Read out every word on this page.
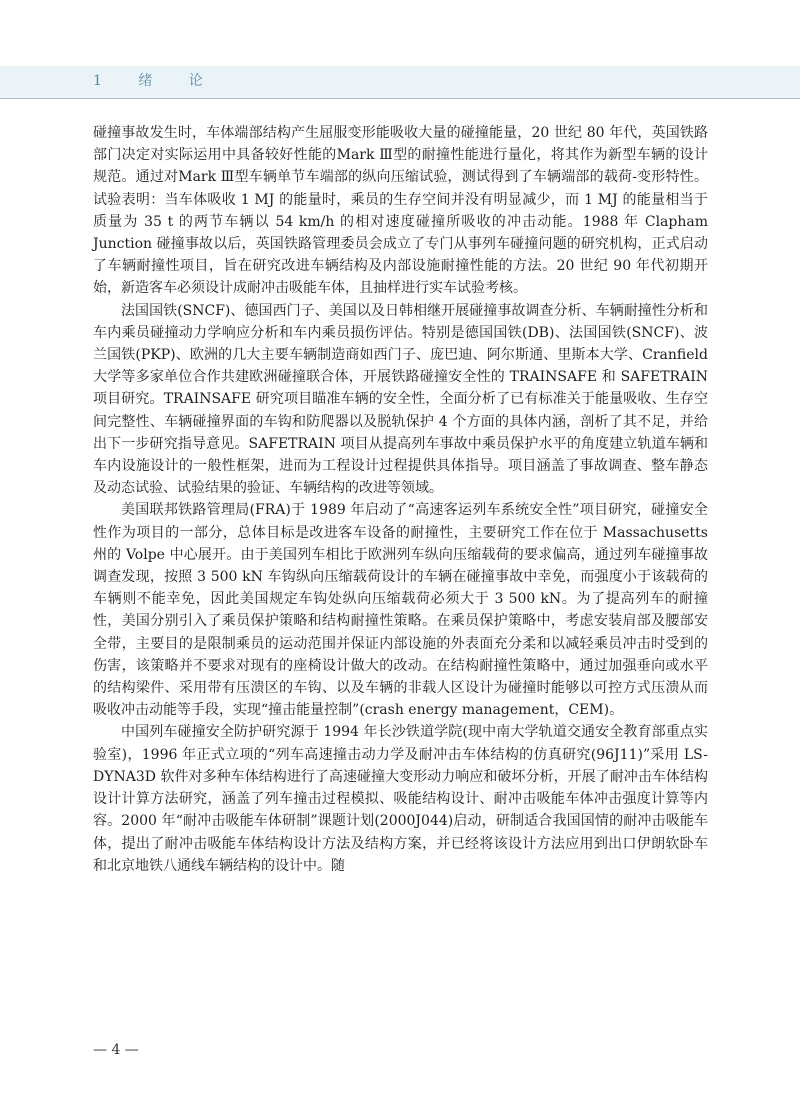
1 绪 论

碰撞事故发生时，车体端部结构产生屈服变形能吸收大量的碰撞能量，20 世纪 80 年代，英国铁路部门决定对实际运用中具备较好性能的Mark Ⅲ型的耐撞性能进行量化，将其作为新型车辆的设计规范。通过对Mark Ⅲ型车辆单节车端部的纵向压缩试验，测试得到了车辆端部的载荷-变形特性。试验表明：当车体吸收 1 MJ 的能量时，乘员的生存空间并没有明显减少，而 1 MJ 的能量相当于质量为 35 t 的两节车辆以 54 km/h 的相对速度碰撞所吸收的冲击动能。1988 年 Clapham Junction 碰撞事故以后，英国铁路管理委员会成立了专门从事列车碰撞问题的研究机构，正式启动了车辆耐撞性项目，旨在研究改进车辆结构及内部设施耐撞性能的方法。20 世纪 90 年代初期开始，新造客车必须设计成耐冲击吸能车体，且抽样进行实车试验考核。

法国国铁(SNCF)、德国西门子、美国以及日韩相继开展碰撞事故调查分析、车辆耐撞性分析和车内乘员碰撞动力学响应分析和车内乘员损伤评估。特别是德国国铁(DB)、法国国铁(SNCF)、波兰国铁(PKP)、欧洲的几大主要车辆制造商如西门子、庞巴迪、阿尔斯通、里斯本大学、Cranfield 大学等多家单位合作共建欧洲碰撞联合体，开展铁路碰撞安全性的 TRAINSAFE 和 SAFETRAIN 项目研究。TRAINSAFE 研究项目瞄准车辆的安全性，全面分析了已有标准关于能量吸收、生存空间完整性、车辆碰撞界面的车钩和防爬器以及脱轨保护 4 个方面的具体内涵，剖析了其不足，并给出下一步研究指导意见。SAFETRAIN 项目从提高列车事故中乘员保护水平的角度建立轨道车辆和车内设施设计的一般性框架，进而为工程设计过程提供具体指导。项目涵盖了事故调查、整车静态及动态试验、试验结果的验证、车辆结构的改进等领域。

美国联邦铁路管理局(FRA)于 1989 年启动了“高速客运列车系统安全性”项目研究，碰撞安全性作为项目的一部分，总体目标是改进客车设备的耐撞性，主要研究工作在位于 Massachusetts 州的 Volpe 中心展开。由于美国列车相比于欧洲列车纵向压缩载荷的要求偏高，通过列车碰撞事故调查发现，按照 3 500 kN 车钩纵向压缩载荷设计的车辆在碰撞事故中幸免，而强度小于该载荷的车辆则不能幸免，因此美国规定车钩处纵向压缩载荷必须大于 3 500 kN。为了提高列车的耐撞性，美国分别引入了乘员保护策略和结构耐撞性策略。在乘员保护策略中，考虑安装肩部及腰部安全带，主要目的是限制乘员的运动范围并保证内部设施的外表面充分柔和以减轻乘员冲击时受到的伤害，该策略并不要求对现有的座椅设计做大的改动。在结构耐撞性策略中，通过加强垂向或水平的结构梁件、采用带有压溃区的车钩、以及车辆的非载人区设计为碰撞时能够以可控方式压溃从而吸收冲击动能等手段，实现“撞击能量控制”(crash energy management，CEM)。

中国列车碰撞安全防护研究源于 1994 年长沙铁道学院(现中南大学轨道交通安全教育部重点实验室)，1996 年正式立项的“列车高速撞击动力学及耐冲击车体结构的仿真研究(96J11)”采用 LS-DYNA3D 软件对多种车体结构进行了高速碰撞大变形动力响应和破坏分析，开展了耐冲击车体结构设计计算方法研究，涵盖了列车撞击过程模拟、吸能结构设计、耐冲击吸能车体冲击强度计算等内容。2000 年“耐冲击吸能车体研制”课题计划(2000J044)启动，研制适合我国国情的耐冲击吸能车体，提出了耐冲击吸能车体结构设计方法及结构方案，并已经将该设计方法应用到出口伊朗软卧车和北京地铁八通线车辆结构的设计中。随

— 4 —
